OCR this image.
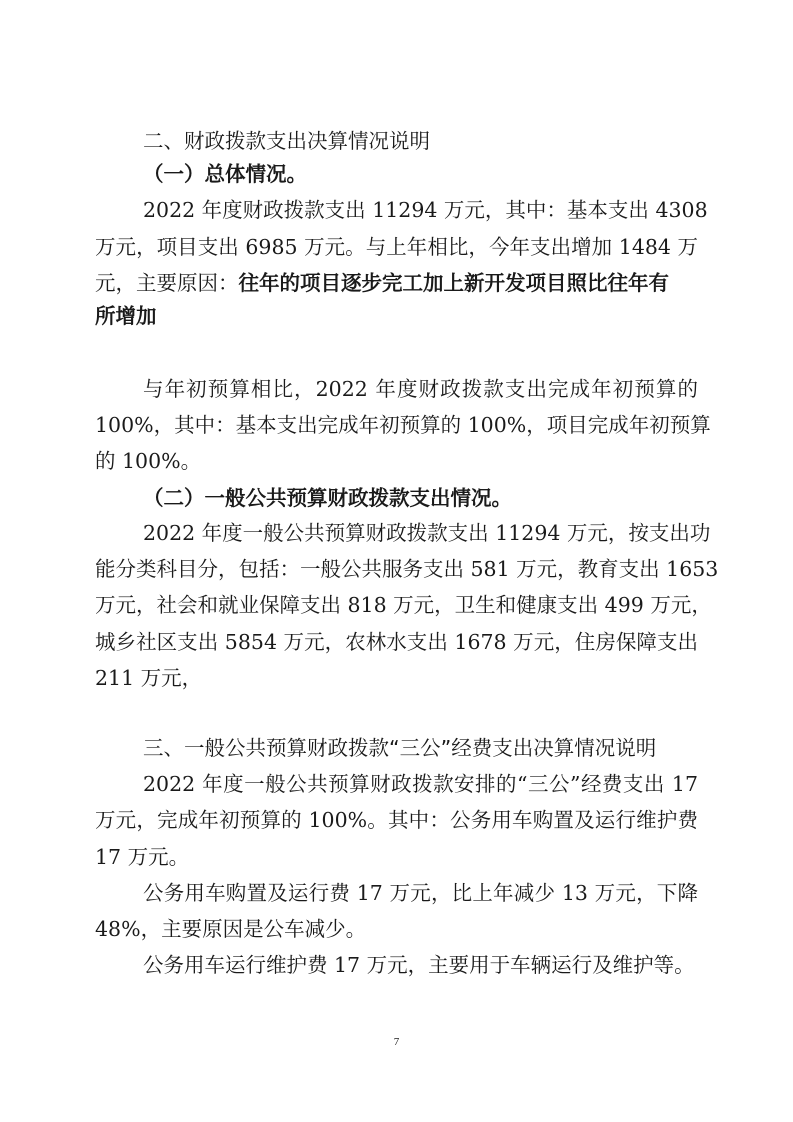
二、财政拨款支出决算情况说明
（一）总体情况。
2022 年度财政拨款支出 11294 万元，其中：基本支出 4308
万元，项目支出 6985 万元。与上年相比，今年支出增加 1484 万
元，主要原因：往年的项目逐步完工加上新开发项目照比往年有
所增加
与年初预算相比，2022 年度财政拨款支出完成年初预算的
100%，其中：基本支出完成年初预算的 100%，项目完成年初预算
的 100%。
（二）一般公共预算财政拨款支出情况。
2022 年度一般公共预算财政拨款支出 11294 万元，按支出功
能分类科目分，包括：一般公共服务支出 581 万元，教育支出 1653
万元，社会和就业保障支出 818 万元，卫生和健康支出 499 万元，
城乡社区支出 5854 万元，农林水支出 1678 万元，住房保障支出
211 万元，
三、一般公共预算财政拨款“三公”经费支出决算情况说明
2022 年度一般公共预算财政拨款安排的“三公”经费支出 17
万元，完成年初预算的 100%。其中：公务用车购置及运行维护费
17 万元。
公务用车购置及运行费 17 万元，比上年减少 13 万元，下降
48%，主要原因是公车减少。
公务用车运行维护费 17 万元，主要用于车辆运行及维护等。
7
